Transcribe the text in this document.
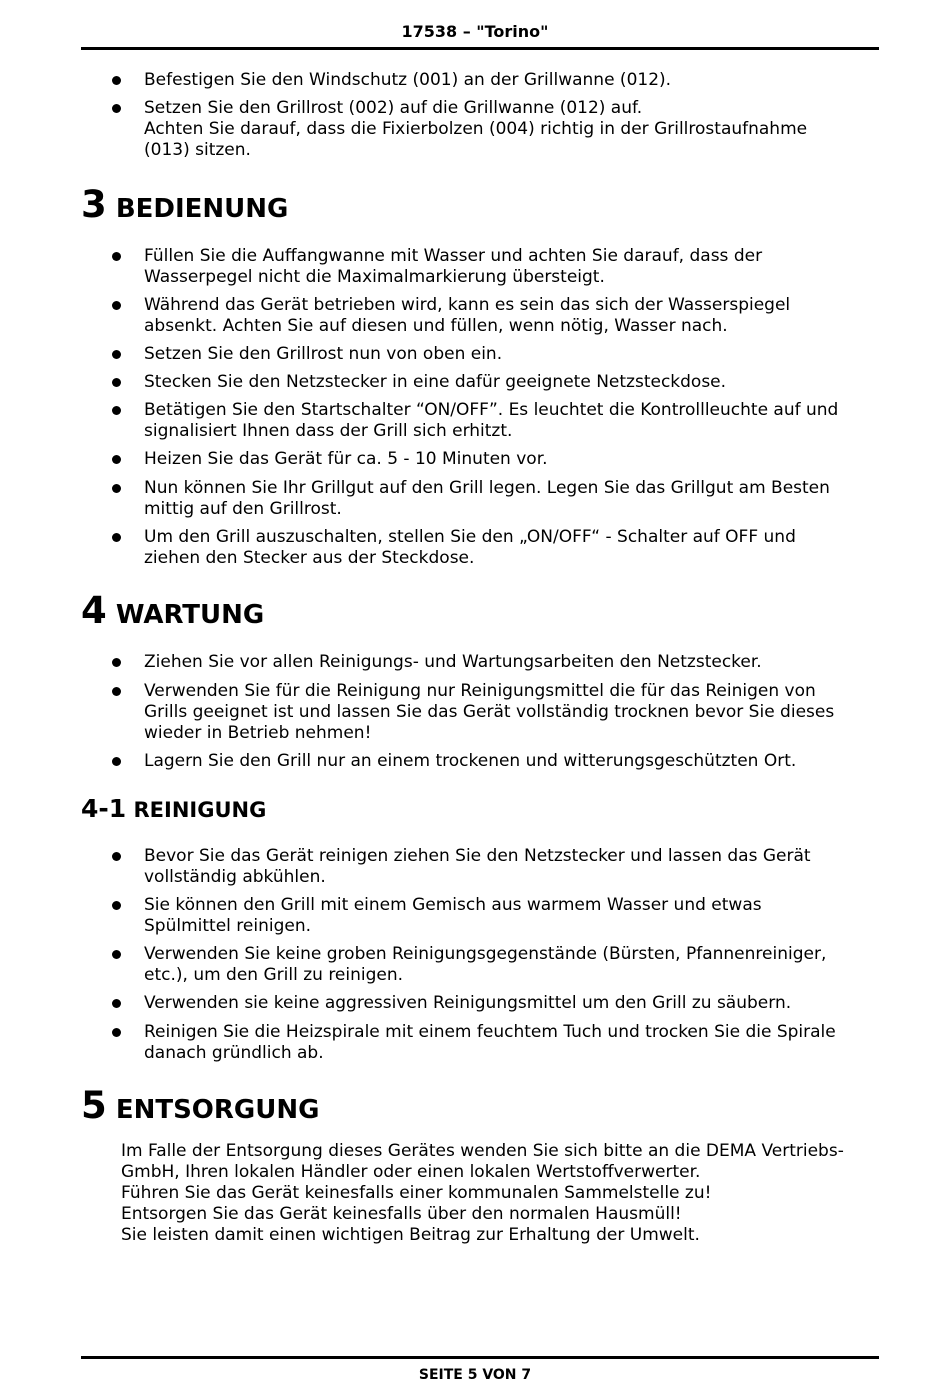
17538 – "Torino"
Befestigen Sie den Windschutz (001) an der Grillwanne (012).
Setzen Sie den Grillrost (002) auf die Grillwanne (012) auf.
Achten Sie darauf, dass die Fixierbolzen (004) richtig in der Grillrostaufnahme
(013) sitzen.
3 BEDIENUNG
Füllen Sie die Auffangwanne mit Wasser und achten Sie darauf, dass der
Wasserpegel nicht die Maximalmarkierung übersteigt.
Während das Gerät betrieben wird, kann es sein das sich der Wasserspiegel
absenkt. Achten Sie auf diesen und füllen, wenn nötig, Wasser nach.
Setzen Sie den Grillrost nun von oben ein.
Stecken Sie den Netzstecker in eine dafür geeignete Netzsteckdose.
Betätigen Sie den Startschalter “ON/OFF”. Es leuchtet die Kontrollleuchte auf und
signalisiert Ihnen dass der Grill sich erhitzt.
Heizen Sie das Gerät für ca. 5 - 10 Minuten vor.
Nun können Sie Ihr Grillgut auf den Grill legen. Legen Sie das Grillgut am Besten
mittig auf den Grillrost.
Um den Grill auszuschalten, stellen Sie den „ON/OFF“ - Schalter auf OFF und
ziehen den Stecker aus der Steckdose.
4 WARTUNG
Ziehen Sie vor allen Reinigungs- und Wartungsarbeiten den Netzstecker.
Verwenden Sie für die Reinigung nur Reinigungsmittel die für das Reinigen von
Grills geeignet ist und lassen Sie das Gerät vollständig trocknen bevor Sie dieses
wieder in Betrieb nehmen!
Lagern Sie den Grill nur an einem trockenen und witterungsgeschützten Ort.
4-1 REINIGUNG
Bevor Sie das Gerät reinigen ziehen Sie den Netzstecker und lassen das Gerät
vollständig abkühlen.
Sie können den Grill mit einem Gemisch aus warmem Wasser und etwas
Spülmittel reinigen.
Verwenden Sie keine groben Reinigungsgegenstände (Bürsten, Pfannenreiniger,
etc.), um den Grill zu reinigen.
Verwenden sie keine aggressiven Reinigungsmittel um den Grill zu säubern.
Reinigen Sie die Heizspirale mit einem feuchtem Tuch und trocken Sie die Spirale
danach gründlich ab.
5 ENTSORGUNG
Im Falle der Entsorgung dieses Gerätes wenden Sie sich bitte an die DEMA Vertriebs-
GmbH, Ihren lokalen Händler oder einen lokalen Wertstoffverwerter.
Führen Sie das Gerät keinesfalls einer kommunalen Sammelstelle zu!
Entsorgen Sie das Gerät keinesfalls über den normalen Hausmüll!
Sie leisten damit einen wichtigen Beitrag zur Erhaltung der Umwelt.
SEITE 5 VON 7
